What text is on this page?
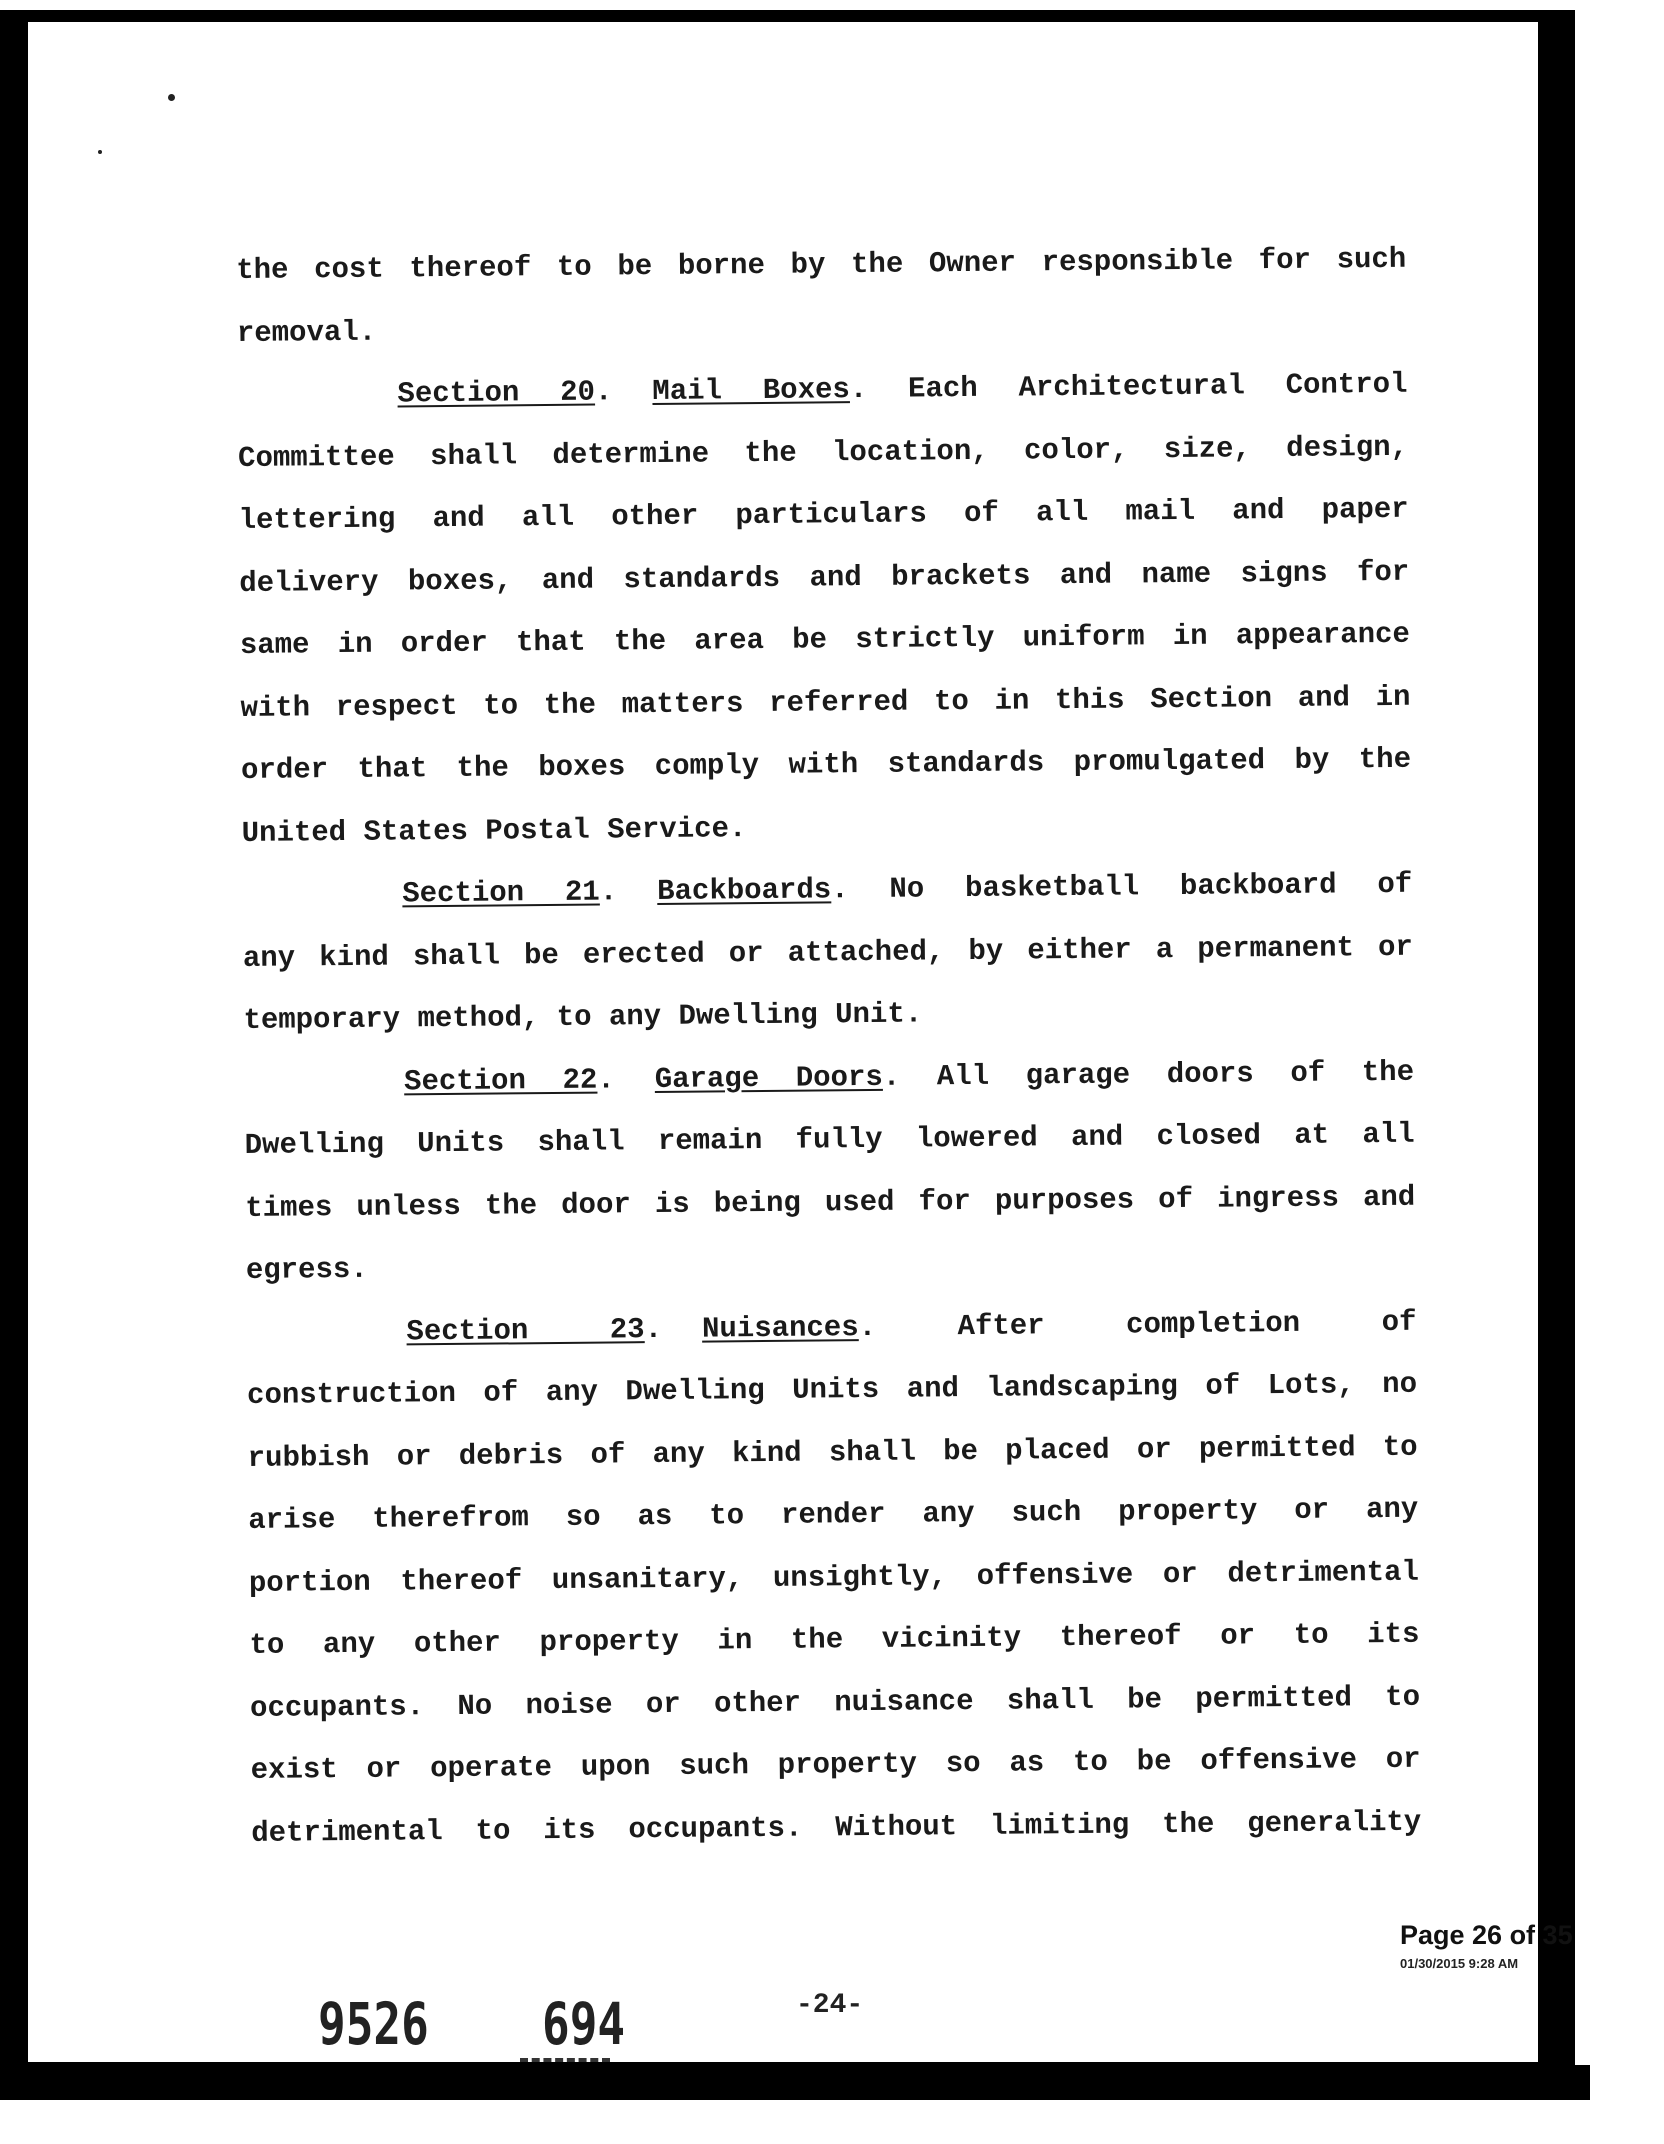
the cost thereof to be borne by the Owner responsible for such
removal.
Section 20. Mail Boxes. Each Architectural Control
Committee shall determine the location, color, size, design,
lettering and all other particulars of all mail and paper
delivery boxes, and standards and brackets and name signs for
same in order that the area be strictly uniform in appearance
with respect to the matters referred to in this Section and in
order that the boxes comply with standards promulgated by the
United States Postal Service.
Section 21. Backboards. No basketball backboard of
any kind shall be erected or attached, by either a permanent or
temporary method, to any Dwelling Unit.
Section 22. Garage Doors. All garage doors of the
Dwelling Units shall remain fully lowered and closed at all
times unless the door is being used for purposes of ingress and
egress.
Section 23. Nuisances. After completion of
construction of any Dwelling Units and landscaping of Lots, no
rubbish or debris of any kind shall be placed or permitted to
arise therefrom so as to render any such property or any
portion thereof unsanitary, unsightly, offensive or detrimental
to any other property in the vicinity thereof or to its
occupants. No noise or other nuisance shall be permitted to
exist or operate upon such property so as to be offensive or
detrimental to its occupants. Without limiting the generality
Page 26 of 35
01/30/2015 9:28 AM
9526 694	-24-
